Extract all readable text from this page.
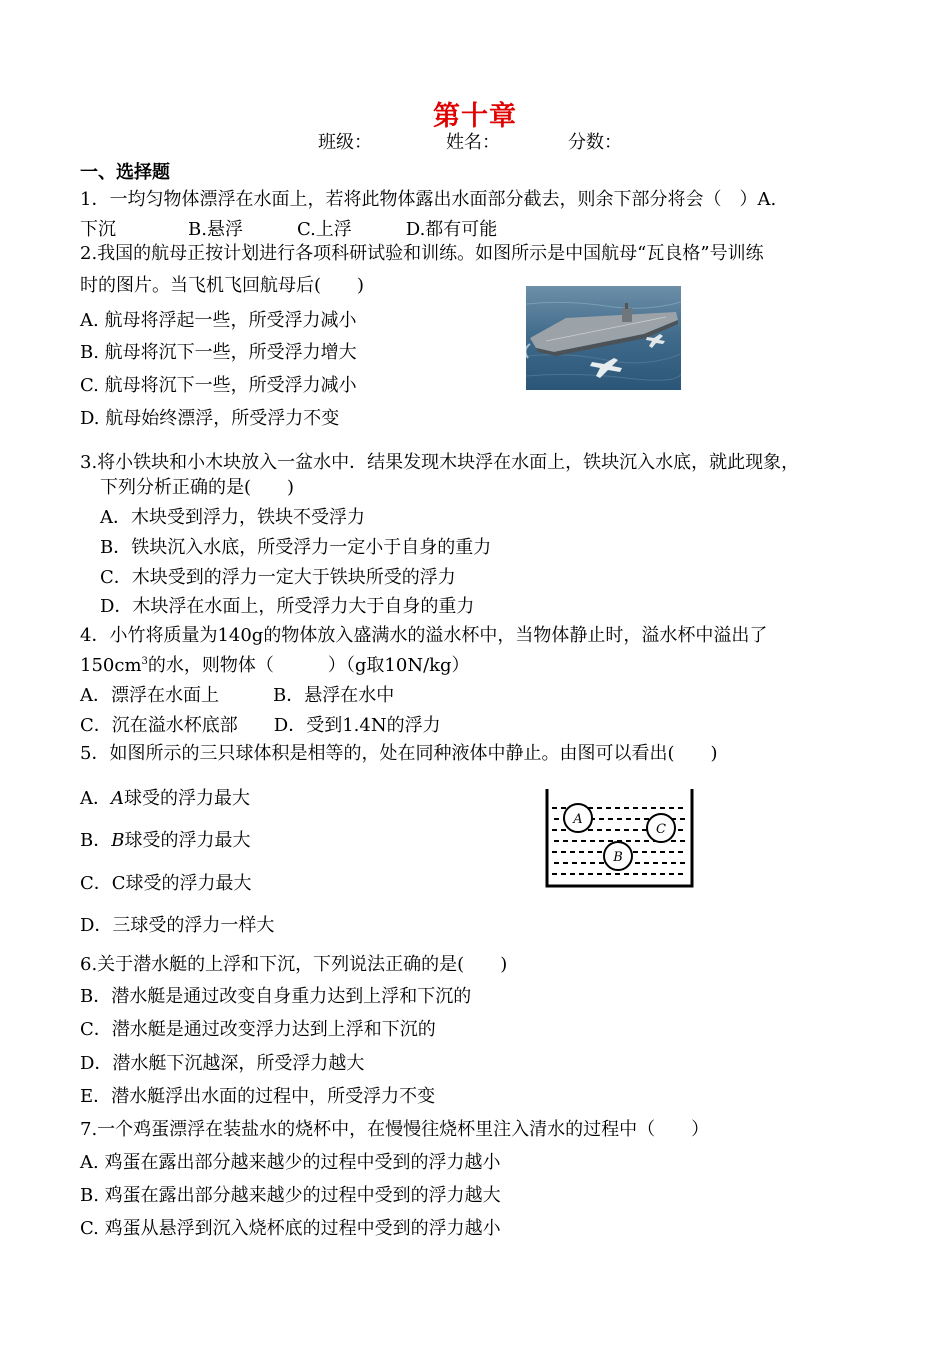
第十章
班级：	姓名：	分数：
一、选择题
1．一均匀物体漂浮在水面上，若将此物体露出水面部分截去，则余下部分将会（　）A.
下沉　　　　B.悬浮　　　C.上浮　　　D.都有可能
2.我国的航母正按计划进行各项科研试验和训练。如图所示是中国航母“瓦良格”号训练
时的图片。当飞机飞回航母后(　　)
A. 航母将浮起一些，所受浮力减小
B. 航母将沉下一些，所受浮力增大
C. 航母将沉下一些，所受浮力减小
D. 航母始终漂浮，所受浮力不变
3.将小铁块和小木块放入一盆水中．结果发现木块浮在水面上，铁块沉入水底，就此现象，
下列分析正确的是(　　)
A．木块受到浮力，铁块不受浮力
B．铁块沉入水底，所受浮力一定小于自身的重力
C．木块受到的浮力一定大于铁块所受的浮力
D．木块浮在水面上，所受浮力大于自身的重力
4．小竹将质量为140g的物体放入盛满水的溢水杯中，当物体静止时，溢水杯中溢出了
$150cm^3$的水，则物体（　　　）（g取10N/kg）
A．漂浮在水面上　　　B．悬浮在水中
C．沉在溢水杯底部　　D．受到1.4N的浮力
5．如图所示的三只球体积是相等的，处在同种液体中静止。由图可以看出(　　)
A．A球受的浮力最大
B．B球受的浮力最大
C．C球受的浮力最大
D．三球受的浮力一样大
A
C
B
6.关于潜水艇的上浮和下沉，下列说法正确的是(　　)
B．潜水艇是通过改变自身重力达到上浮和下沉的
C．潜水艇是通过改变浮力达到上浮和下沉的
D．潜水艇下沉越深，所受浮力越大
E．潜水艇浮出水面的过程中，所受浮力不变
7.一个鸡蛋漂浮在装盐水的烧杯中，在慢慢往烧杯里注入清水的过程中（　　）
A. 鸡蛋在露出部分越来越少的过程中受到的浮力越小
B. 鸡蛋在露出部分越来越少的过程中受到的浮力越大
C. 鸡蛋从悬浮到沉入烧杯底的过程中受到的浮力越小
